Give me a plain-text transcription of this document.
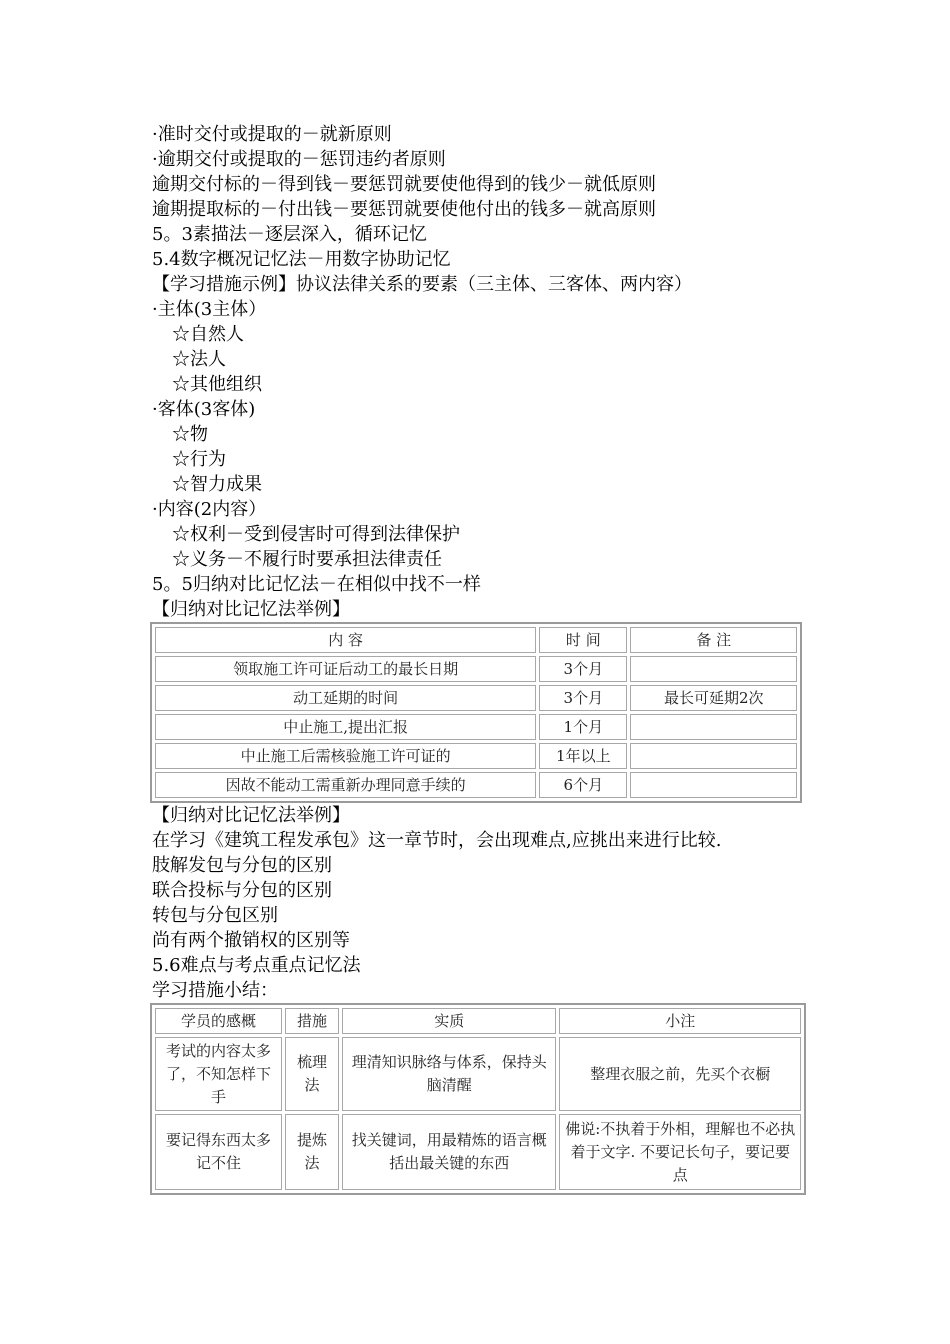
·准时交付或提取的－就新原则
·逾期交付或提取的－惩罚违约者原则
逾期交付标的－得到钱－要惩罚就要使他得到的钱少－就低原则
逾期提取标的－付出钱－要惩罚就要使他付出的钱多－就高原则
5。3素描法－逐层深入，循环记忆
5.4数字概况记忆法－用数字协助记忆
【学习措施示例】协议法律关系的要素（三主体、三客体、两内容）
·主体(3主体）
☆自然人
☆法人
☆其他组织
·客体(3客体)
☆物
☆行为
☆智力成果
·内容(2内容）
☆权利－受到侵害时可得到法律保护
☆义务－不履行时要承担法律责任
5。5归纳对比记忆法－在相似中找不一样
【归纳对比记忆法举例】
内 容	时 间	备 注
领取施工许可证后动工的最长日期	3个月	
动工延期的时间	3个月	最长可延期2次
中止施工,提出汇报	1个月	
中止施工后需核验施工许可证的	1年以上	
因故不能动工需重新办理同意手续的	6个月	
【归纳对比记忆法举例】
在学习《建筑工程发承包》这一章节时，会出现难点,应挑出来进行比较.
肢解发包与分包的区别
联合投标与分包的区别
转包与分包区别
尚有两个撤销权的区别等
5.6难点与考点重点记忆法
学习措施小结：
学员的感概	措施	实质	小注
考试的内容太多了，不知怎样下手	梳理法	理清知识脉络与体系，保持头脑清醒	整理衣服之前，先买个衣橱
要记得东西太多记不住	提炼法	找关键词，用最精炼的语言概括出最关键的东西	佛说:不执着于外相，理解也不必执着于文字. 不要记长句子，要记要点
